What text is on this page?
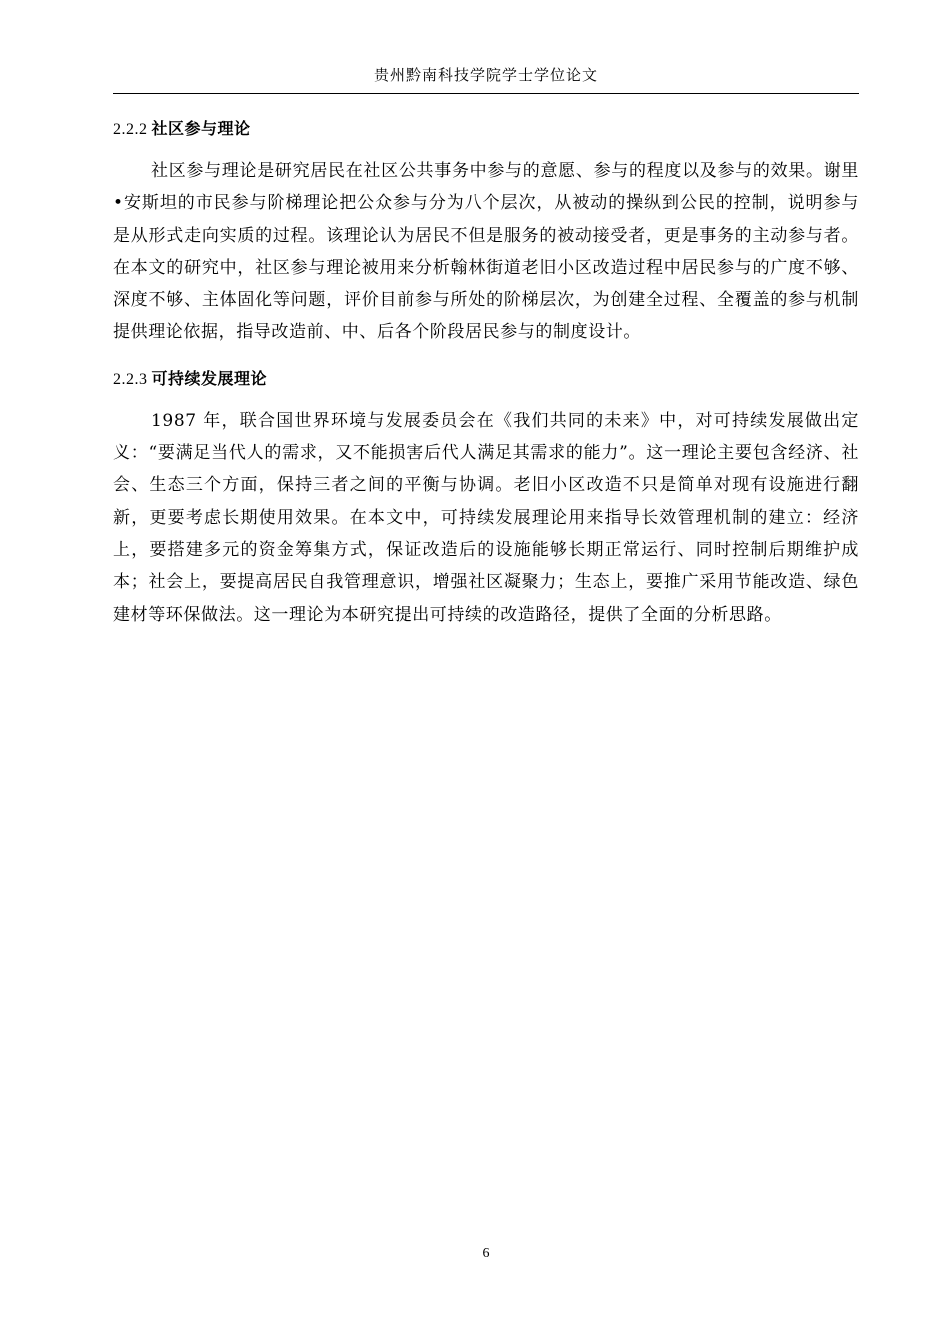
贵州黔南科技学院学士学位论文
2.2.2 社区参与理论

社区参与理论是研究居民在社区公共事务中参与的意愿、参与的程度以及参与的效果。谢里•安斯坦的市民参与阶梯理论把公众参与分为八个层次，从被动的操纵到公民的控制，说明参与是从形式走向实质的过程。该理论认为居民不但是服务的被动接受者，更是事务的主动参与者。在本文的研究中，社区参与理论被用来分析翰林街道老旧小区改造过程中居民参与的广度不够、深度不够、主体固化等问题，评价目前参与所处的阶梯层次，为创建全过程、全覆盖的参与机制提供理论依据，指导改造前、中、后各个阶段居民参与的制度设计。

2.2.3 可持续发展理论

1987 年，联合国世界环境与发展委员会在《我们共同的未来》中，对可持续发展做出定义：“要满足当代人的需求，又不能损害后代人满足其需求的能力”。这一理论主要包含经济、社会、生态三个方面，保持三者之间的平衡与协调。老旧小区改造不只是简单对现有设施进行翻新，更要考虑长期使用效果。在本文中，可持续发展理论用来指导长效管理机制的建立：经济上，要搭建多元的资金筹集方式，保证改造后的设施能够长期正常运行、同时控制后期维护成本；社会上，要提高居民自我管理意识，增强社区凝聚力；生态上，要推广采用节能改造、绿色建材等环保做法。这一理论为本研究提出可持续的改造路径，提供了全面的分析思路。

6
